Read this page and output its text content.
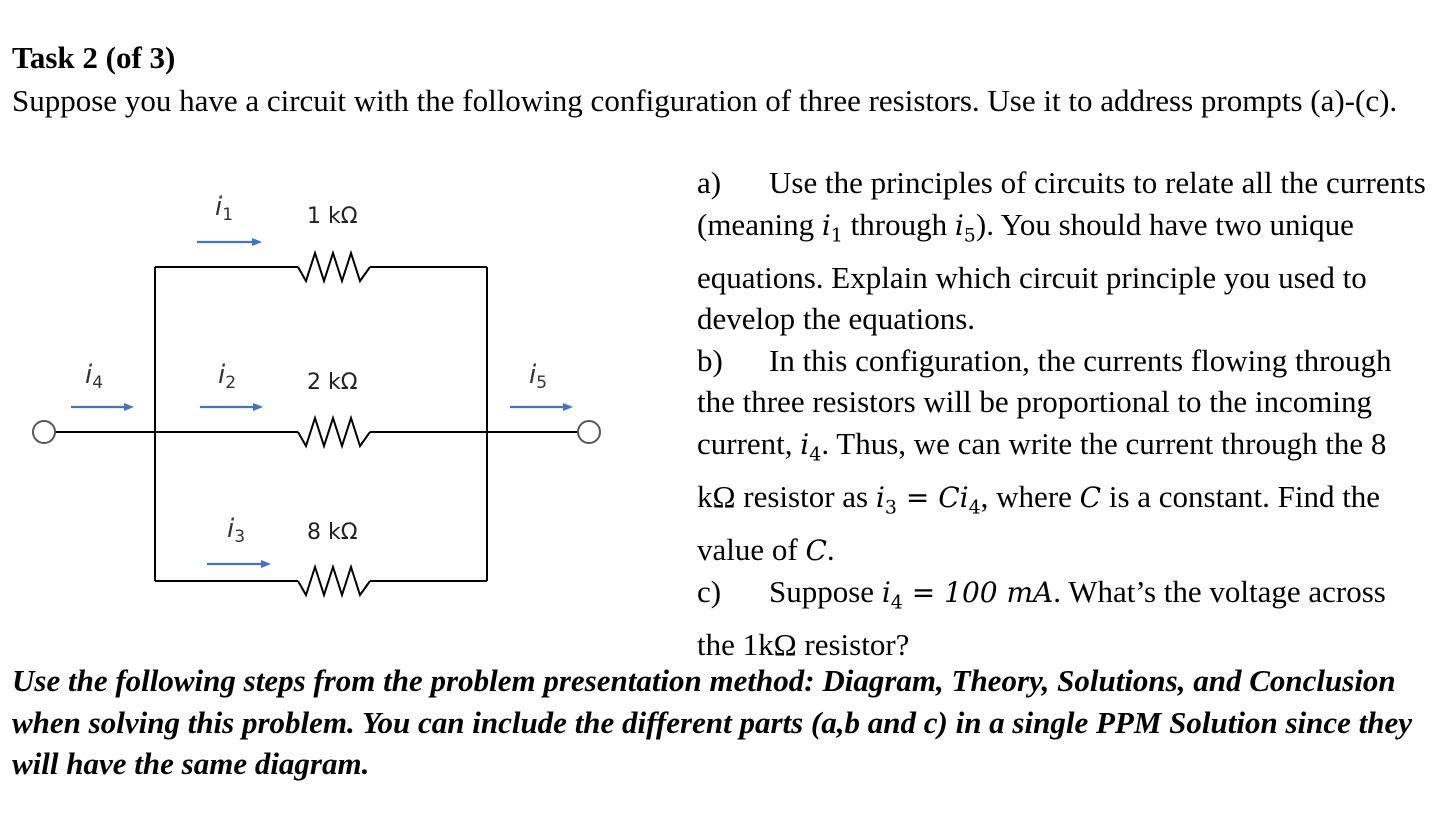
Task 2 (of 3)
Suppose you have a circuit with the following configuration of three resistors. Use it to address prompts (a)-(c).
i1
i2
i3
i4	i5
1 kΩ
2 kΩ
8 kΩ

a) Use the principles of circuits to relate all the currents (meaning $i_1$ through $i_5$). You should have two unique equations. Explain which circuit principle you used to develop the equations.

b) In this configuration, the currents flowing through the three resistors will be proportional to the incoming current, $i_4$. Thus, we can write the current through the 8 kΩ resistor as $i_3 = Ci_4$, where C is a constant. Find the value of C.

c) Suppose $i_4 = 100$ mA. What’s the voltage across the 1kΩ resistor?

Use the following steps from the problem presentation method: Diagram, Theory, Solutions, and Conclusion when solving this problem. You can include the different parts (a,b and c) in a single PPM Solution since they will have the same diagram.
